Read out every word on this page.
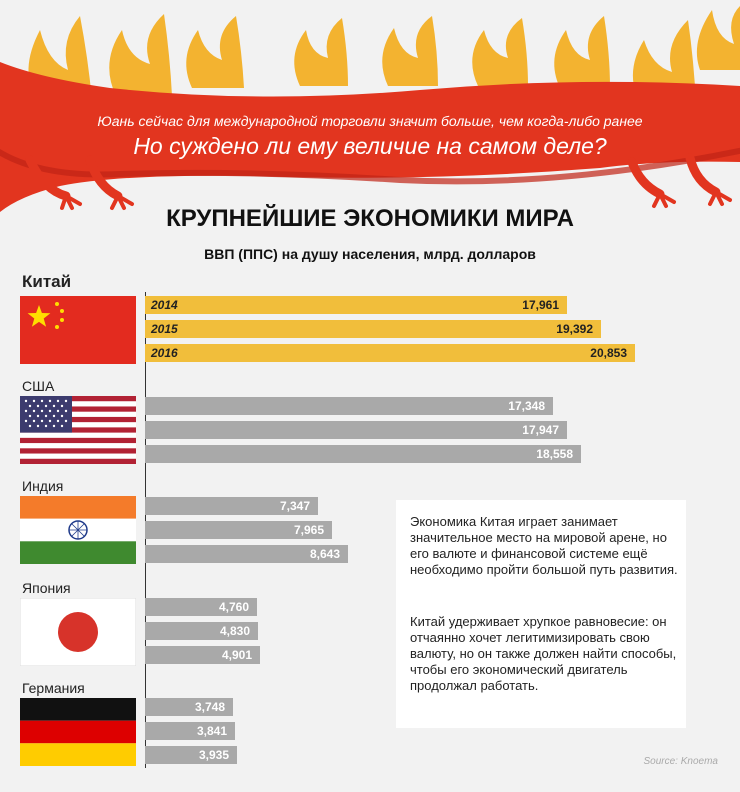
Юань сейчас для международной торговли значит больше, чем когда-либо ранее
Но суждено ли ему величие на самом деле?
КРУПНЕЙШИЕ ЭКОНОМИКИ МИРА
ВВП (ППС) на душу населения, млрд. долларов
Китай
США
Индия
Япония
Германия
2014	17,961
2015	19,392
2016	20,853
17,348
17,947
18,558
7,347
7,965
8,643
4,760
4,830
4,901
3,748
3,841
3,935
Экономика Китая играет занимает значительное место на мировой арене, но его валюте и финансовой системе ещё необходимо пройти большой путь развития.
Китай удерживает хрупкое равновесие: он отчаянно хочет легитимизировать свою валюту, но он также должен найти способы, чтобы его экономический двигатель продолжал работать.
Source: Knoema
